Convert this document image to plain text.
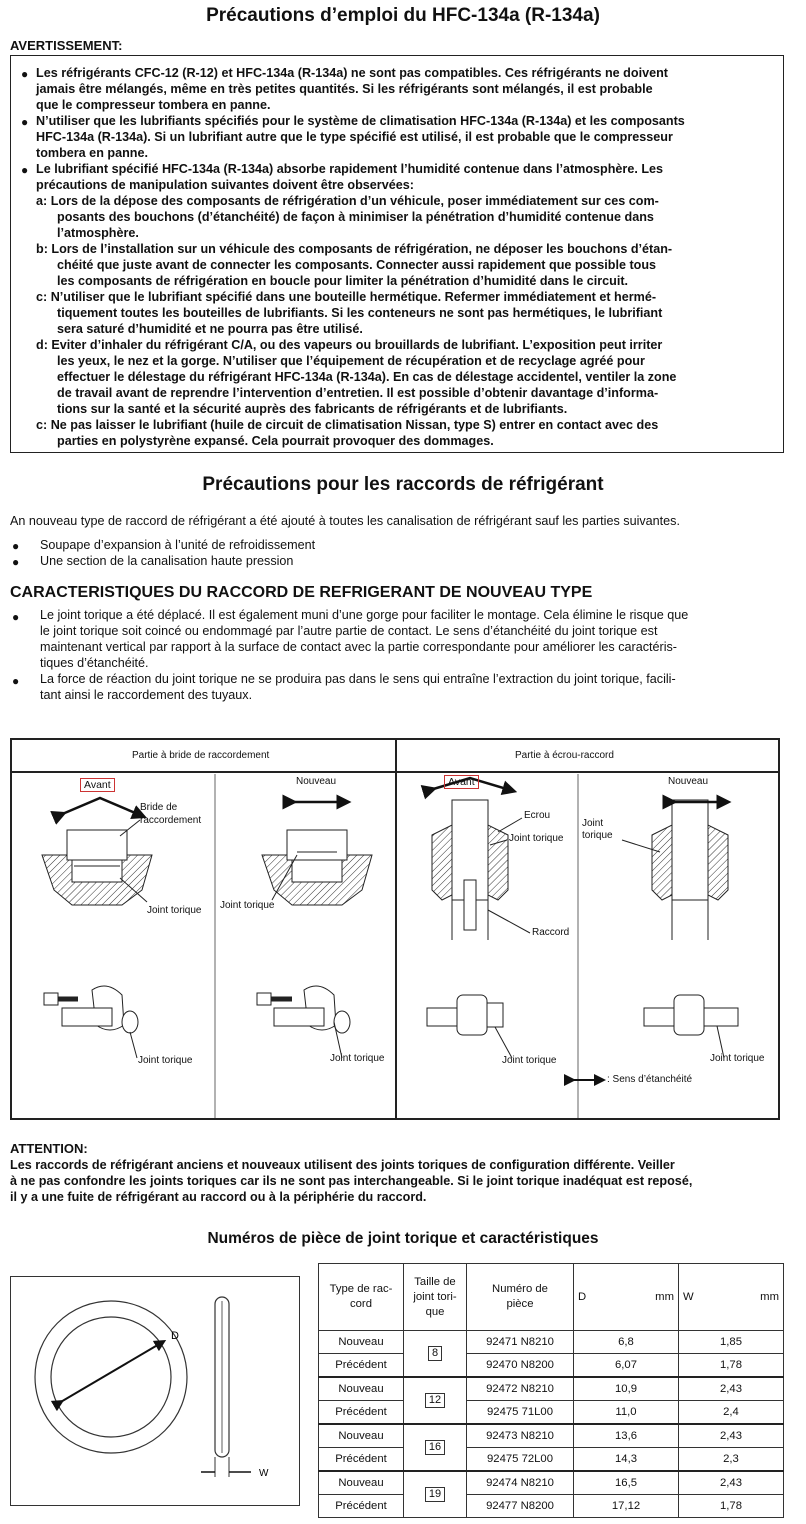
Précautions d’emploi du HFC-134a (R-134a)
AVERTISSEMENT:
●
●
●
Les réfrigérants CFC-12 (R-12) et HFC-134a (R-134a) ne sont pas compatibles. Ces réfrigérants ne doivent
jamais être mélangés, même en très petites quantités. Si les réfrigérants sont mélangés, il est probable
que le compresseur tombera en panne.
N’utiliser que les lubrifiants spécifiés pour le système de climatisation HFC-134a (R-134a) et les composants
HFC-134a (R-134a). Si un lubrifiant autre que le type spécifié est utilisé, il est probable que le compresseur
tombera en panne.
Le lubrifiant spécifié HFC-134a (R-134a) absorbe rapidement l’humidité contenue dans l’atmosphère. Les
précautions de manipulation suivantes doivent être observées:
a: Lors de la dépose des composants de réfrigération d’un véhicule, poser immédiatement sur ces com-
posants des bouchons (d’étanchéité) de façon à minimiser la pénétration d’humidité contenue dans
l’atmosphère.
b: Lors de l’installation sur un véhicule des composants de réfrigération, ne déposer les bouchons d’étan-
chéité que juste avant de connecter les composants. Connecter aussi rapidement que possible tous
les composants de réfrigération en boucle pour limiter la pénétration d’humidité dans le circuit.
c: N’utiliser que le lubrifiant spécifié dans une bouteille hermétique. Refermer immédiatement et hermé-
tiquement toutes les bouteilles de lubrifiants. Si les conteneurs ne sont pas hermétiques, le lubrifiant
sera saturé d’humidité et ne pourra pas être utilisé.
d: Eviter d’inhaler du réfrigérant C/A, ou des vapeurs ou brouillards de lubrifiant. L’exposition peut irriter
les yeux, le nez et la gorge. N’utiliser que l’équipement de récupération et de recyclage agréé pour
effectuer le délestage du réfrigérant HFC-134a (R-134a). En cas de délestage accidentel, ventiler la zone
de travail avant de reprendre l’intervention d’entretien. Il est possible d’obtenir davantage d’informa-
tions sur la santé et la sécurité auprès des fabricants de réfrigérants et de lubrifiants.
c: Ne pas laisser le lubrifiant (huile de circuit de climatisation Nissan, type S) entrer en contact avec des
parties en polystyrène expansé. Cela pourrait provoquer des dommages.
Précautions pour les raccords de réfrigérant
An nouveau type de raccord de réfrigérant a été ajouté à toutes les canalisation de réfrigérant sauf les parties suivantes.
● Soupape d’expansion à l’unité de refroidissement
● Une section de la canalisation haute pression
CARACTERISTIQUES DU RACCORD DE REFRIGERANT DE NOUVEAU TYPE
● Le joint torique a été déplacé. Il est également muni d’une gorge pour faciliter le montage. Cela élimine le risque que
le joint torique soit coincé ou endommagé par l’autre partie de contact. Le sens d’étanchéité du joint torique est
maintenant vertical par rapport à la surface de contact avec la partie correspondante pour améliorer les caractéris-
tiques d’étanchéité.
● La force de réaction du joint torique ne se produira pas dans le sens qui entraîne l’extraction du joint torique, facili-
tant ainsi le raccordement des tuyaux.
Partie à bride de raccordement	Partie à écrou-raccord
Avant	Nouveau
Bride de
raccordement
Joint torique Joint torique
Avant	Nouveau
Ecrou
Joint torique
Raccord
Joint
torique
Joint torique	Joint torique	Joint torique	Joint torique
: Sens d’étanchéité
ATTENTION:
Les raccords de réfrigérant anciens et nouveaux utilisent des joints toriques de configuration différente. Veiller
à ne pas confondre les joints toriques car ils ne sont pas interchangeable. Si le joint torique inadéquat est reposé,
il y a une fuite de réfrigérant au raccord ou à la périphérie du raccord.
Numéros de pièce de joint torique et caractéristiques
D
W
Type de rac-
cord	Taille de
joint tori-
que	Numéro de
pièce	D mm	W mm

Nouveau	8	92471 N8210	6,8	1,85
Précédent		92470 N8200	6,07	1,78
Nouveau	12	92472 N8210	10,9	2,43
Précédent		92475 71L00	11,0	2,4
Nouveau	16	92473 N8210	13,6	2,43
Précédent		92475 72L00	14,3	2,3
Nouveau	19	92474 N8210	16,5	2,43
Précédent		92477 N8200	17,12	1,78
